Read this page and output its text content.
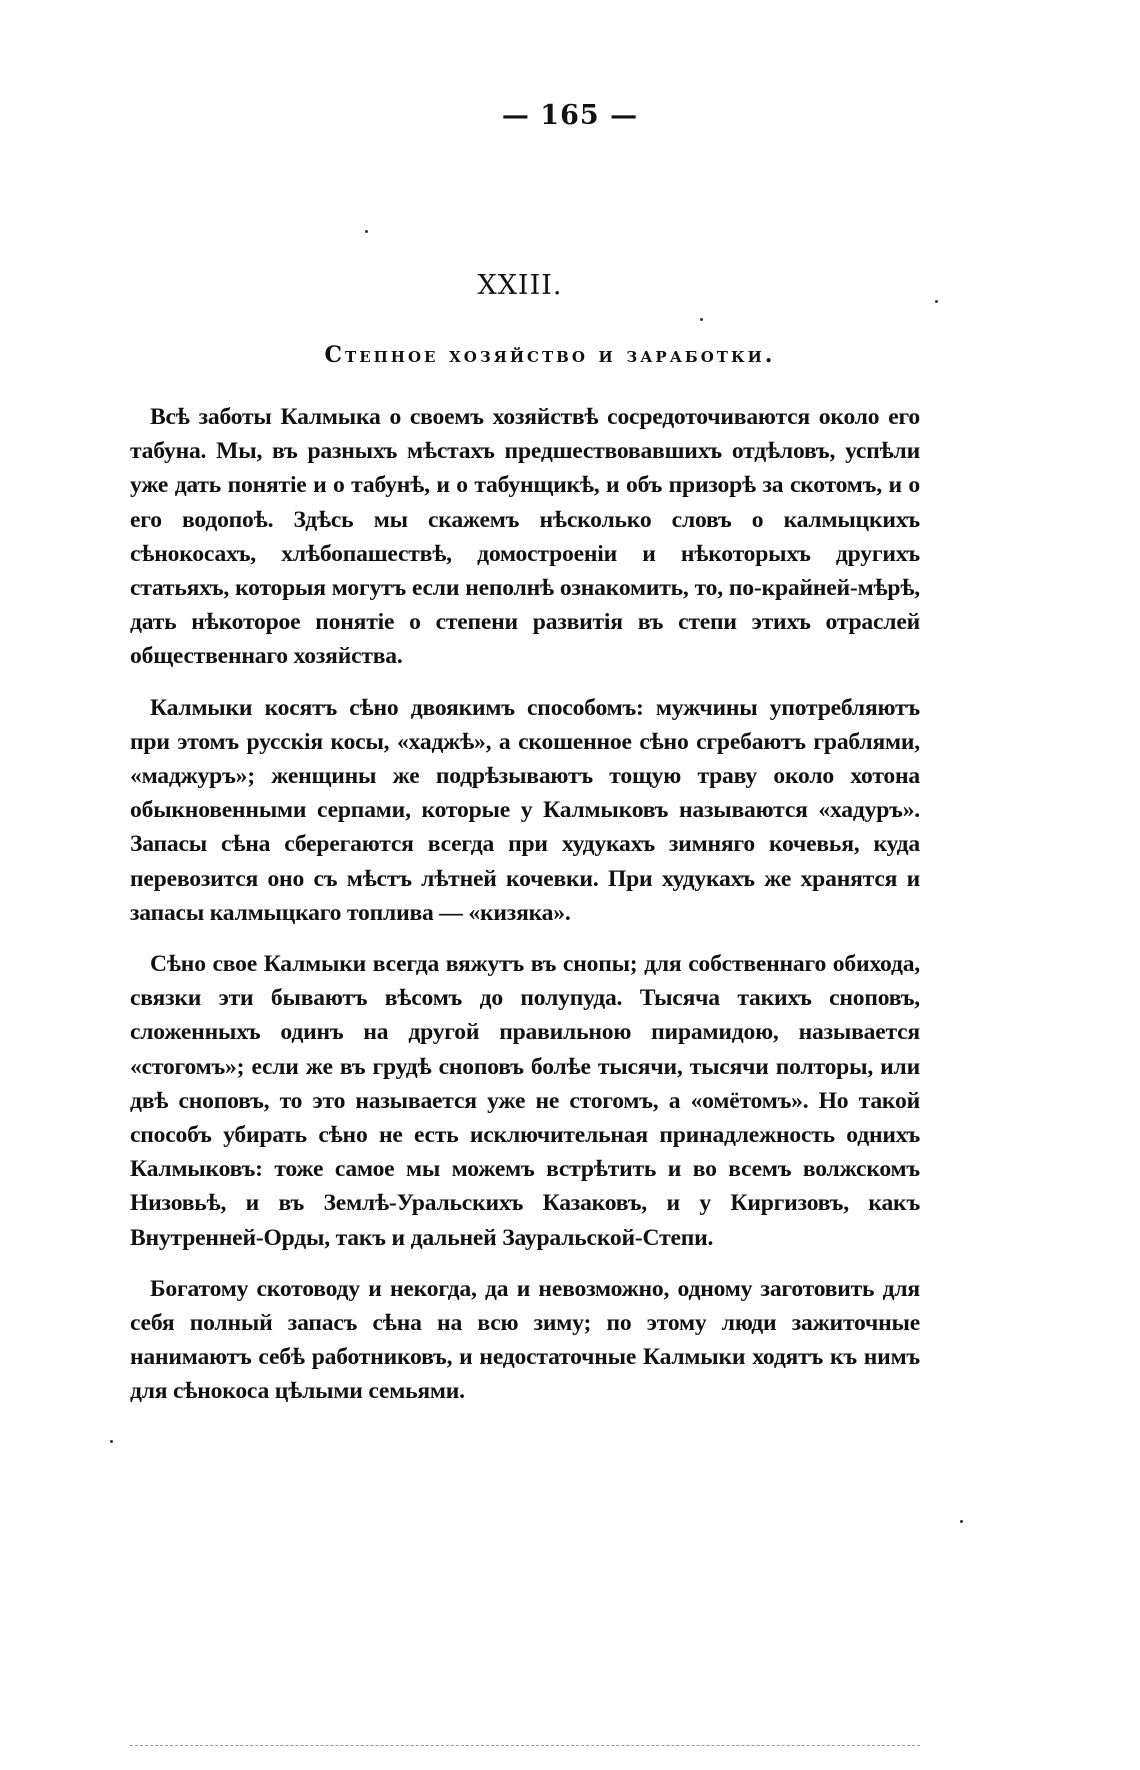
— 165 —
XXIII.
Степное хозяйство и заработки.

Всѣ заботы Калмыка о своемъ хозяйствѣ сосредоточиваются около его табуна. Мы, въ разныхъ мѣстахъ предшествовавшихъ отдѣловъ, успѣли уже дать понятіе и о табунѣ, и о табунщикѣ, и объ призорѣ за скотомъ, и о его водопоѣ. Здѣсь мы скажемъ нѣсколько словъ о калмыцкихъ сѣнокосахъ, хлѣбопашествѣ, домостроеніи и нѣкоторыхъ другихъ статьяхъ, которыя могутъ если неполнѣ ознакомить, то, по-крайней-мѣрѣ, дать нѣкоторое понятіе о степени развитія въ степи этихъ отраслей общественнаго хозяйства.

Калмыки косятъ сѣно двоякимъ способомъ: мужчины употребляютъ при этомъ русскія косы, «хаджѣ», а скошенное сѣно сгребаютъ граблями, «маджуръ»; женщины же подрѣзываютъ тощую траву около хотона обыкновенными серпами, которые у Калмыковъ называются «хадуръ». Запасы сѣна сберегаются всегда при худукахъ зимняго кочевья, куда перевозится оно съ мѣстъ лѣтней кочевки. При худукахъ же хранятся и запасы калмыцкаго топлива — «кизяка».

Сѣно свое Калмыки всегда вяжутъ въ снопы; для собственнаго обихода, связки эти бываютъ вѣсомъ до полупуда. Тысяча такихъ сноповъ, сложенныхъ одинъ на другой правильною пирамидою, называется «стогомъ»; если же въ грудѣ сноповъ болѣе тысячи, тысячи полторы, или двѣ сноповъ, то это называется уже не стогомъ, а «омётомъ». Но такой способъ убирать сѣно не есть исключительная принадлежность однихъ Калмыковъ: тоже самое мы можемъ встрѣтить и во всемъ волжскомъ Низовьѣ, и въ Землѣ-Уральскихъ Казаковъ, и у Киргизовъ, какъ Внутренней-Орды, такъ и дальней Зауральской-Степи.

Богатому скотоводу и некогда, да и невозможно, одному заготовить для себя полный запасъ сѣна на всю зиму; по этому люди зажиточные нанимаютъ себѣ работниковъ, и недостаточные Калмыки ходятъ къ нимъ для сѣнокоса цѣлыми семьями.
